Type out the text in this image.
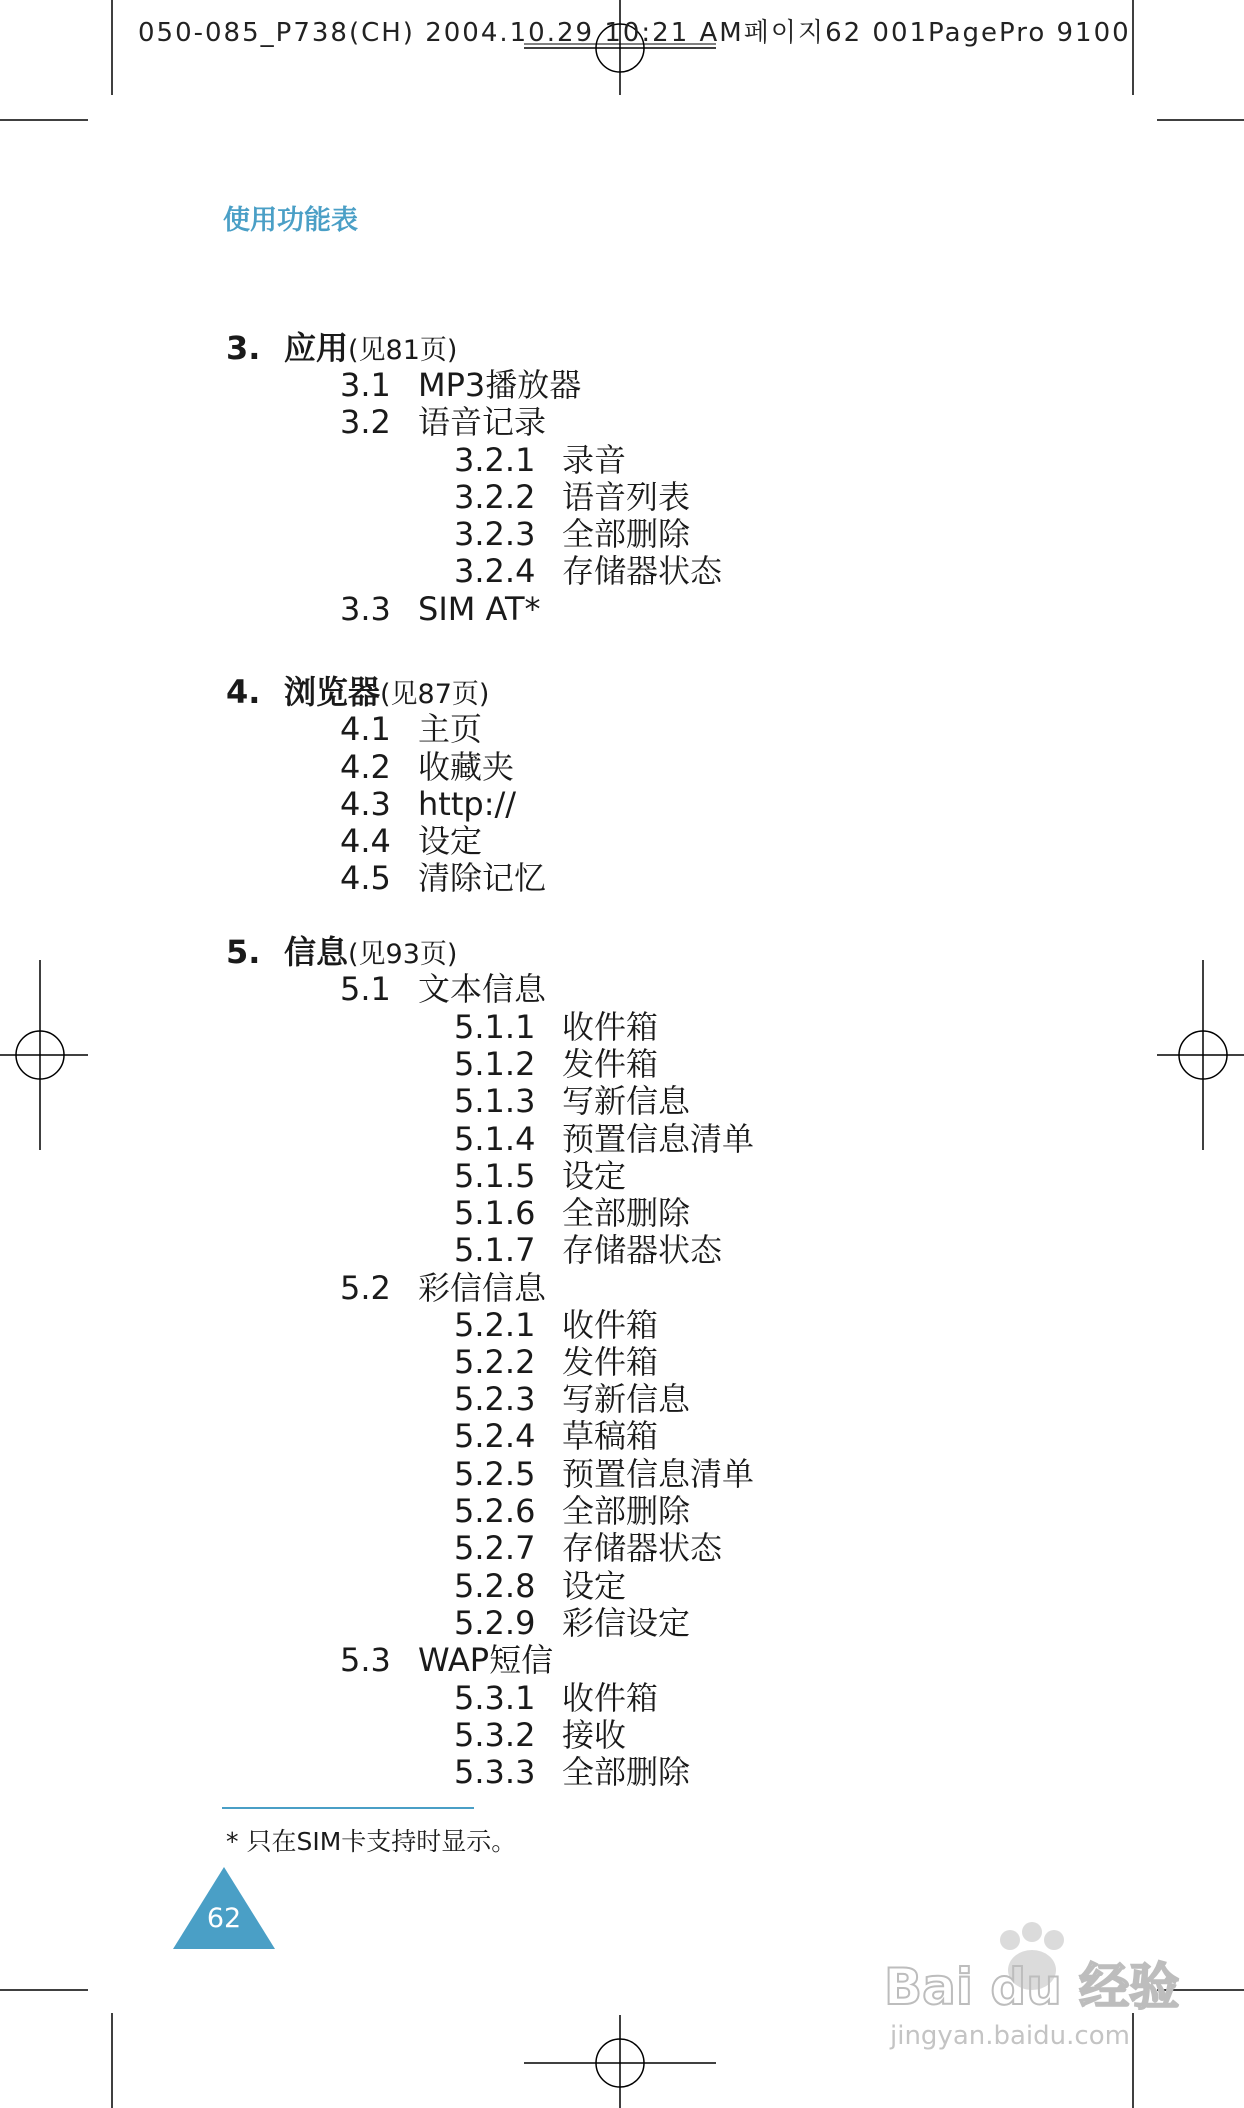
050-085_P738(CH) 2004.10.29 10:21 AM페이지62 001PagePro 9100
使用功能表
3. 应用(见81页)
3.1 MP3播放器
3.2 语音记录
3.2.1 录音
3.2.2 语音列表
3.2.3 全部删除
3.2.4 存储器状态
3.3 SIM AT*
4. 浏览器(见87页)
4.1 主页
4.2 收藏夹
4.3 http://
4.4 设定
4.5 清除记忆
5. 信息(见93页)
5.1 文本信息
5.1.1 收件箱
5.1.2 发件箱
5.1.3 写新信息
5.1.4 预置信息清单
5.1.5 设定
5.1.6 全部删除
5.1.7 存储器状态
5.2 彩信信息
5.2.1 收件箱
5.2.2 发件箱
5.2.3 写新信息
5.2.4 草稿箱
5.2.5 预置信息清单
5.2.6 全部删除
5.2.7 存储器状态
5.2.8 设定
5.2.9 彩信设定
5.3 WAP短信
5.3.1 收件箱
5.3.2 接收
5.3.3 全部删除
* 只在SIM卡支持时显示。
62
Bai du 经验
jingyan.baidu.com
